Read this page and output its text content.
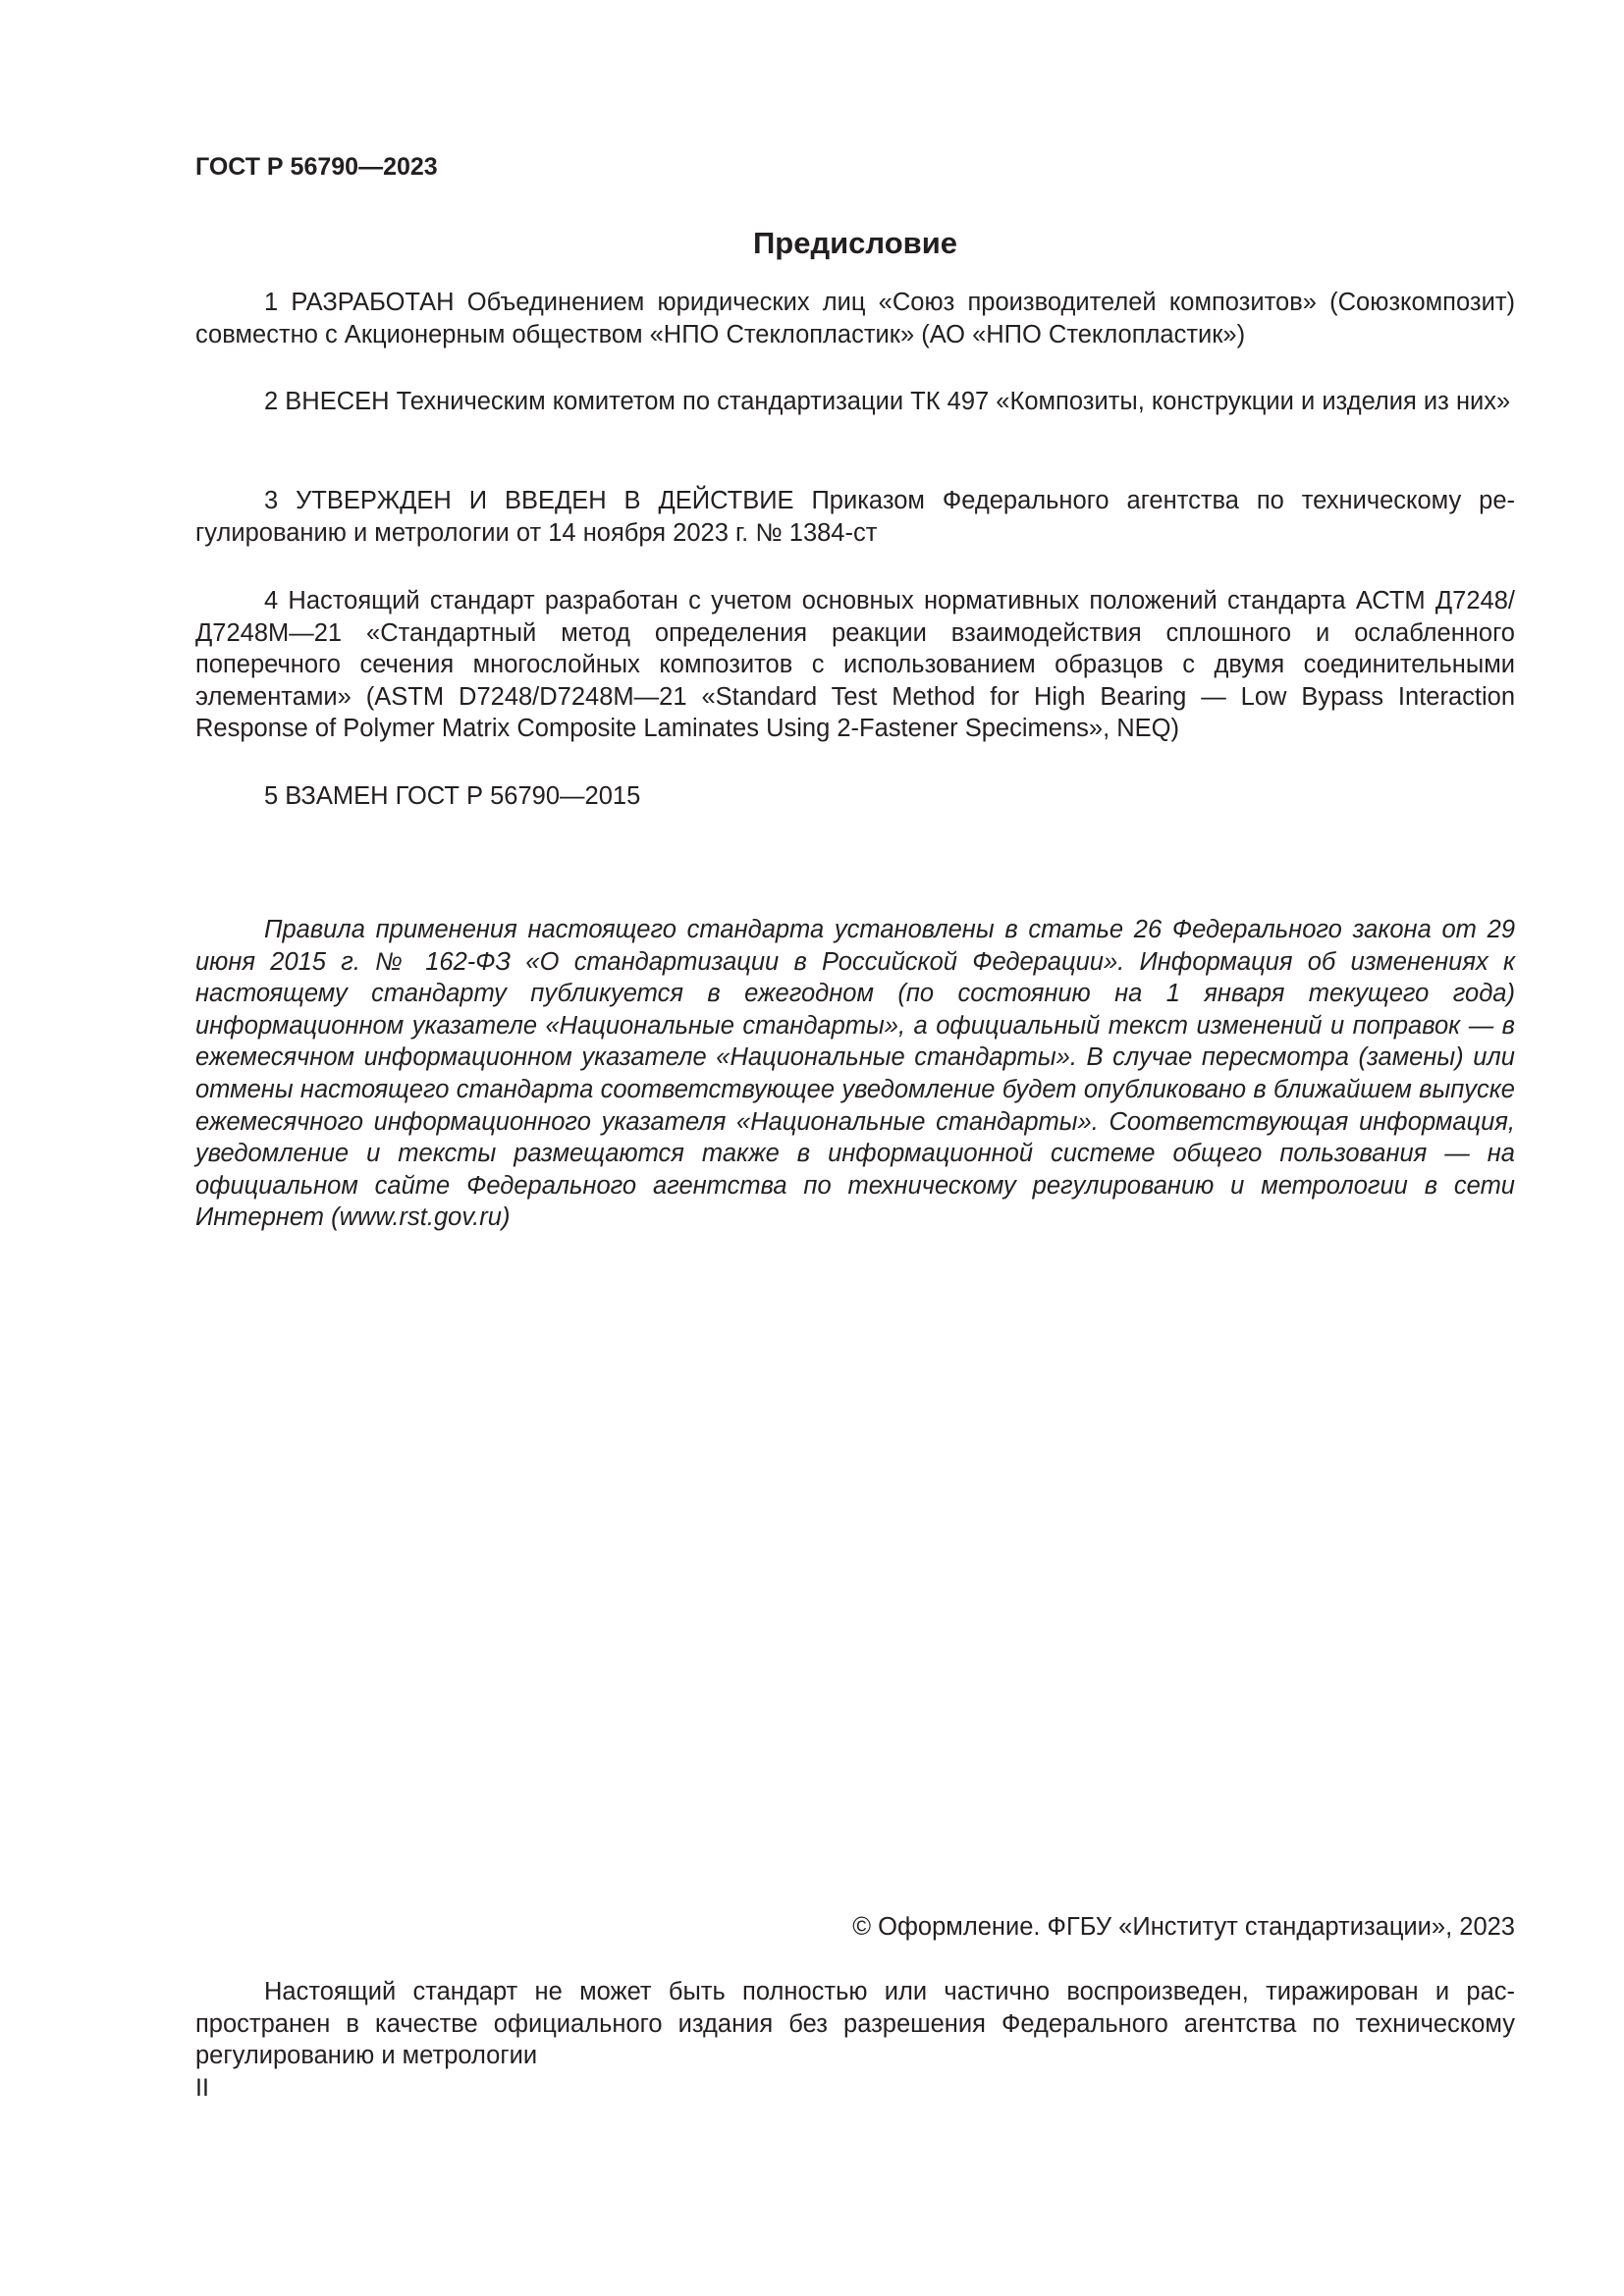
ГОСТ Р 56790—2023

Предисловие

1 РАЗРАБОТАН Объединением юридических лиц «Союз производителей композитов» (Союзкомпозит) совместно с Акционерным обществом «НПО Стеклопластик» (АО «НПО Стеклопластик»)

2 ВНЕСЕН Техническим комитетом по стандартизации ТК 497 «Композиты, конструкции и изделия из них»

3 УТВЕРЖДЕН И ВВЕДЕН В ДЕЙСТВИЕ Приказом Федерального агентства по техническому регулированию и метрологии от 14 ноября 2023 г. № 1384-ст

4 Настоящий стандарт разработан с учетом основных нормативных положений стандарта АСТМ Д7248/Д7248М—21 «Стандартный метод определения реакции взаимодействия сплошного и ослабленного поперечного сечения многослойных композитов с использованием образцов с двумя соединительными элементами» (ASTM D7248/D7248M—21 «Standard Test Method for High Bearing — Low Bypass Interaction Response of Polymer Matrix Composite Laminates Using 2-Fastener Specimens», NEQ)

5 ВЗАМЕН ГОСТ Р 56790—2015

Правила применения настоящего стандарта установлены в статье 26 Федерального закона от 29 июня 2015 г. № 162-ФЗ «О стандартизации в Российской Федерации». Информация об изменениях к настоящему стандарту публикуется в ежегодном (по состоянию на 1 января текущего года) информационном указателе «Национальные стандарты», а официальный текст изменений и поправок — в ежемесячном информационном указателе «Национальные стандарты». В случае пересмотра (замены) или отмены настоящего стандарта соответствующее уведомление будет опубликовано в ближайшем выпуске ежемесячного информационного указателя «Национальные стандарты». Соответствующая информация, уведомление и тексты размещаются также в информационной системе общего пользования — на официальном сайте Федерального агентства по техническому регулированию и метрологии в сети Интернет (www.rst.gov.ru)

© Оформление. ФГБУ «Институт стандартизации», 2023

Настоящий стандарт не может быть полностью или частично воспроизведен, тиражирован и распространен в качестве официального издания без разрешения Федерального агентства по техническому регулированию и метрологии

II
